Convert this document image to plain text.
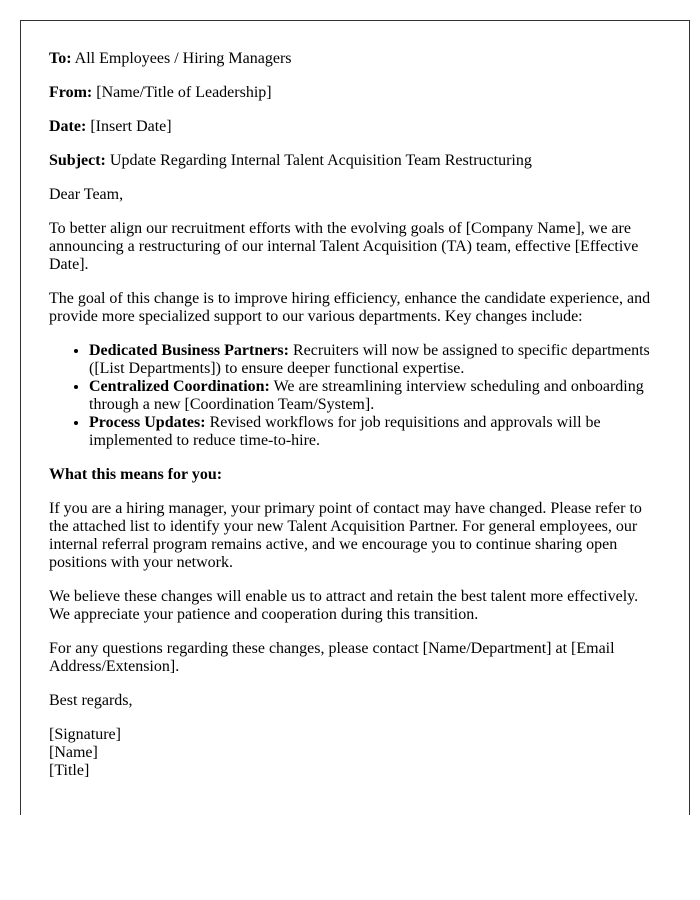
To: All Employees / Hiring Managers

From: [Name/Title of Leadership]

Date: [Insert Date]

Subject: Update Regarding Internal Talent Acquisition Team Restructuring

Dear Team,

To better align our recruitment efforts with the evolving goals of [Company Name], we are announcing a restructuring of our internal Talent Acquisition (TA) team, effective [Effective Date].

The goal of this change is to improve hiring efficiency, enhance the candidate experience, and provide more specialized support to our various departments. Key changes include:

• Dedicated Business Partners: Recruiters will now be assigned to specific departments ([List Departments]) to ensure deeper functional expertise.
• Centralized Coordination: We are streamlining interview scheduling and onboarding through a new [Coordination Team/System].
• Process Updates: Revised workflows for job requisitions and approvals will be implemented to reduce time-to-hire.

What this means for you:

If you are a hiring manager, your primary point of contact may have changed. Please refer to the attached list to identify your new Talent Acquisition Partner. For general employees, our internal referral program remains active, and we encourage you to continue sharing open positions with your network.

We believe these changes will enable us to attract and retain the best talent more effectively. We appreciate your patience and cooperation during this transition.

For any questions regarding these changes, please contact [Name/Department] at [Email Address/Extension].

Best regards,

[Signature]
[Name]
[Title]
